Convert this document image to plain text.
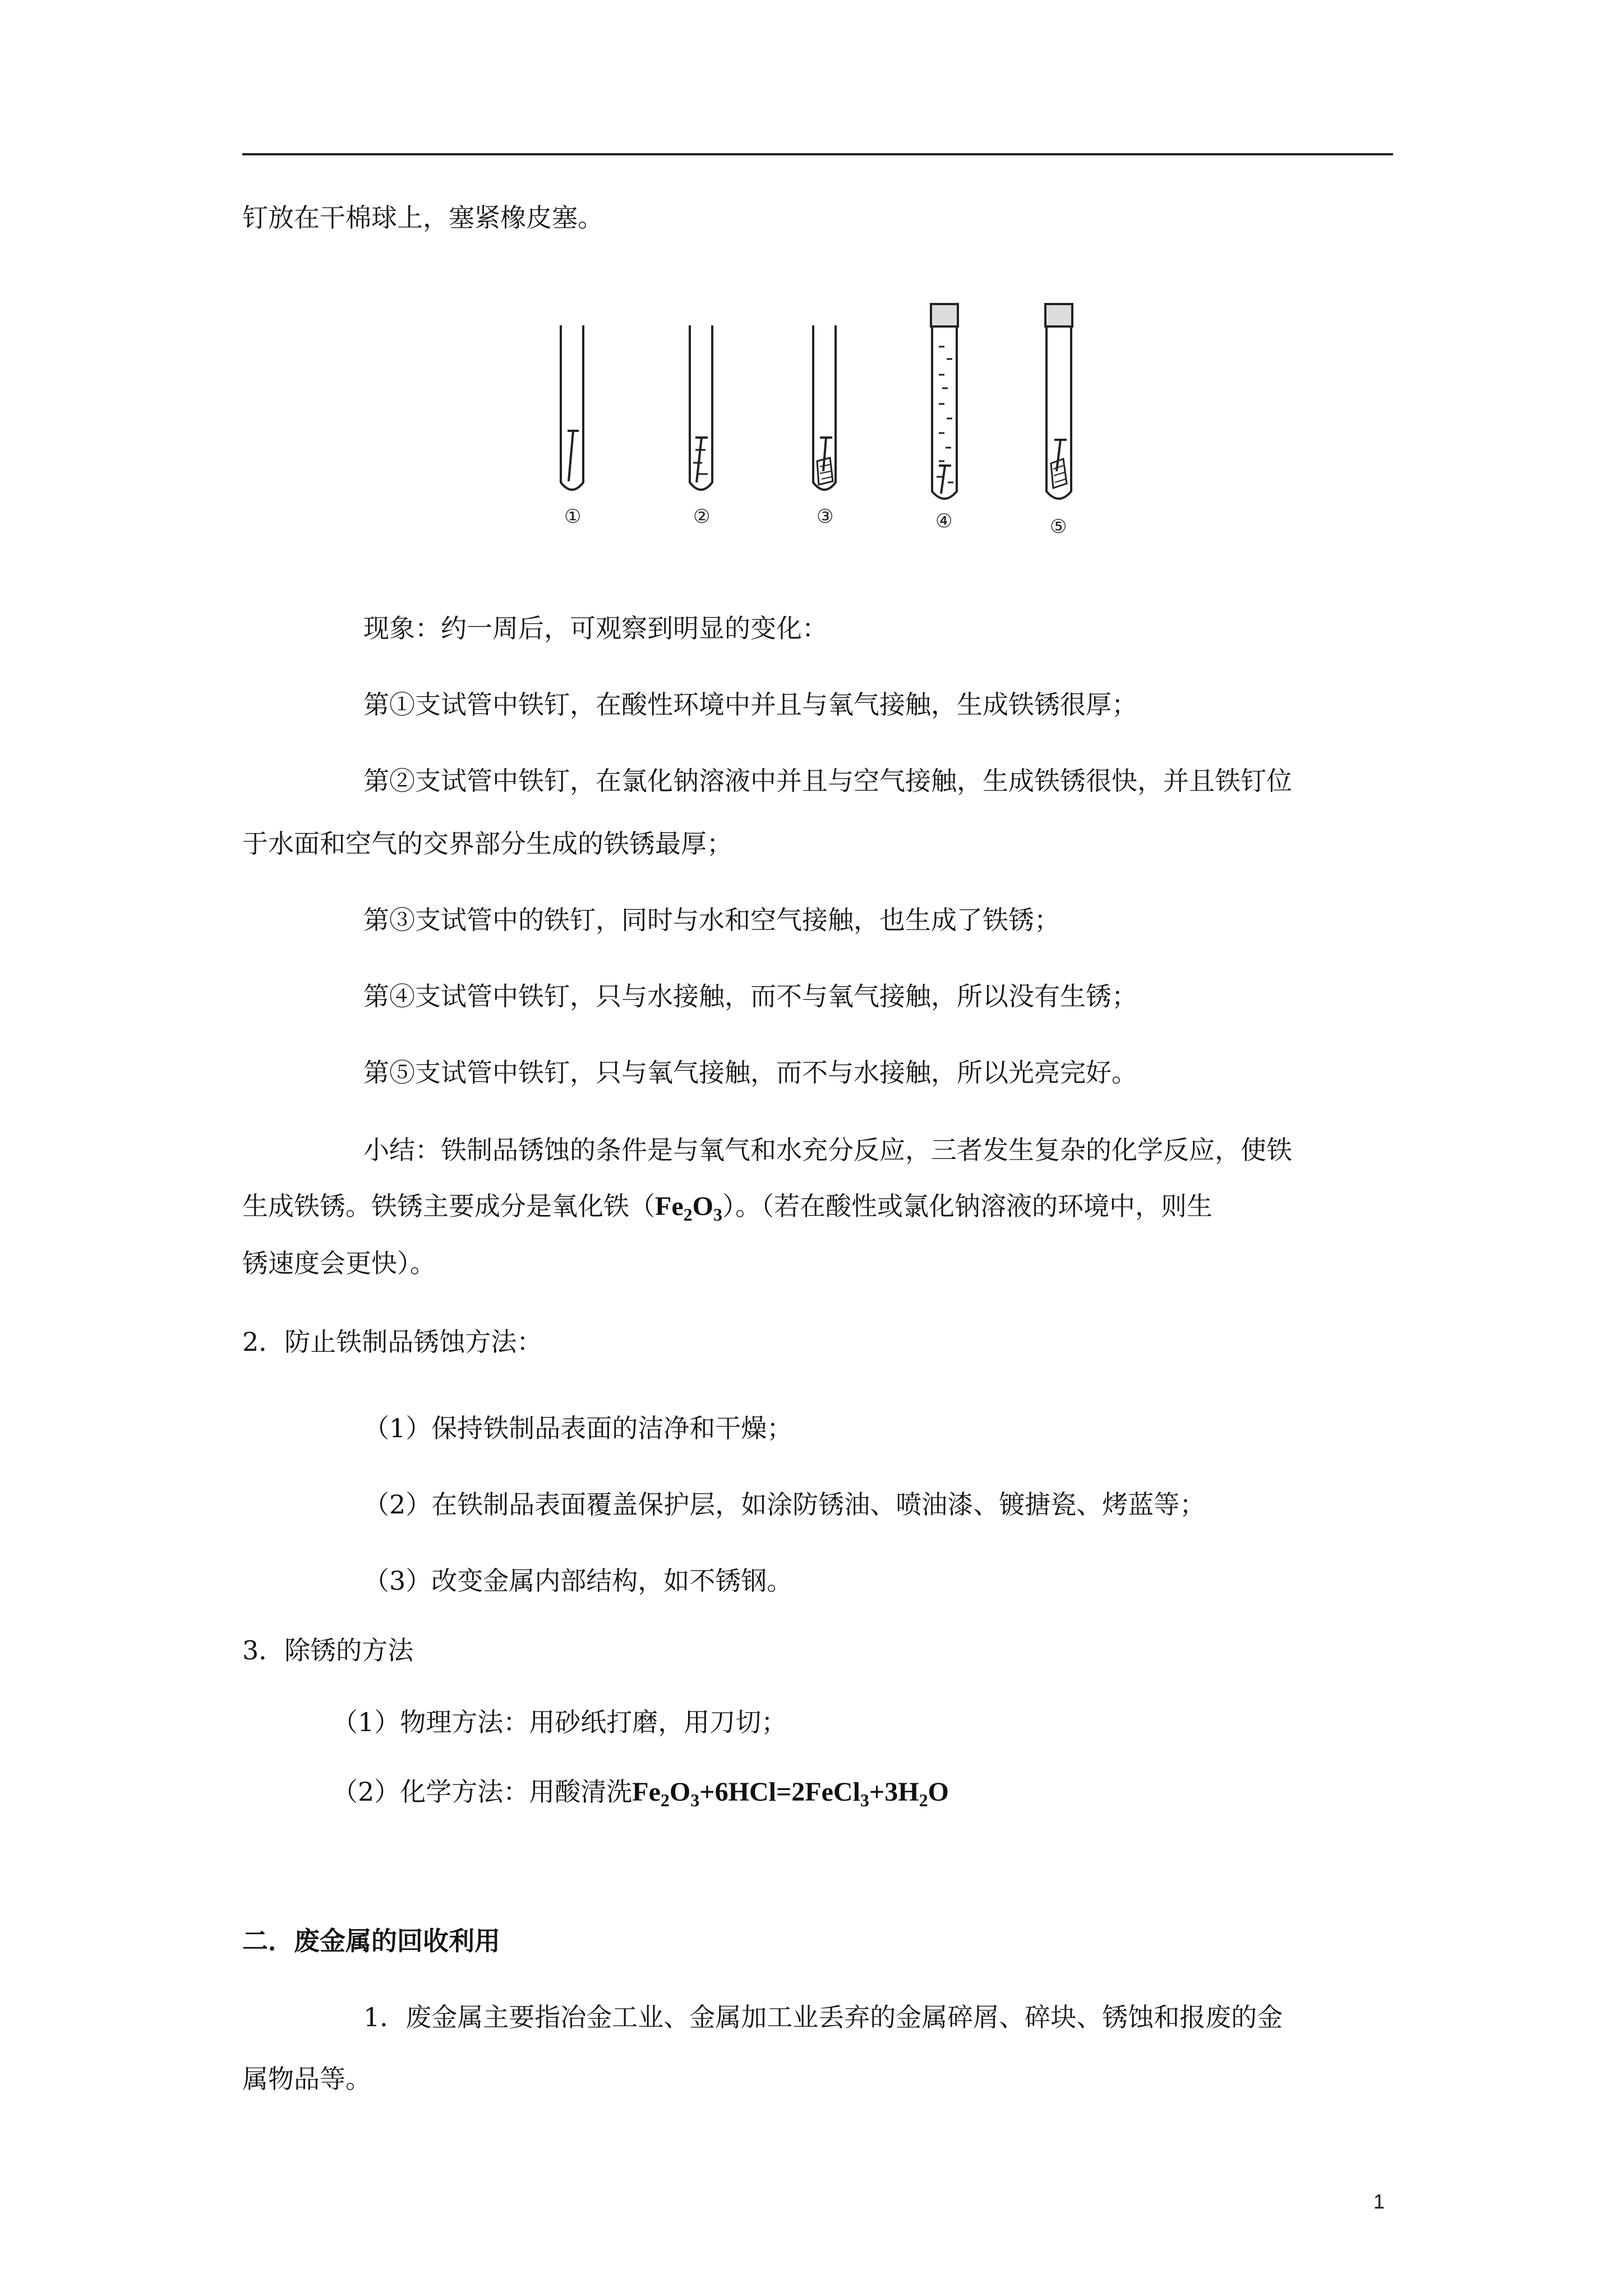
钉放在干棉球上，塞紧橡皮塞。
①	②	③	④	⑤
现象：约一周后，可观察到明显的变化：
第①支试管中铁钉，在酸性环境中并且与氧气接触，生成铁锈很厚；
第②支试管中铁钉，在氯化钠溶液中并且与空气接触，生成铁锈很快，并且铁钉位
于水面和空气的交界部分生成的铁锈最厚；
第③支试管中的铁钉，同时与水和空气接触，也生成了铁锈；
第④支试管中铁钉，只与水接触，而不与氧气接触，所以没有生锈；
第⑤支试管中铁钉，只与氧气接触，而不与水接触，所以光亮完好。
小结：铁制品锈蚀的条件是与氧气和水充分反应，三者发生复杂的化学反应，使铁
生成铁锈。铁锈主要成分是氧化铁$(Fe_2O_3)$。（若在酸性或氯化钠溶液的环境中，则生
锈速度会更快）。
2．防止铁制品锈蚀方法：
（1）保持铁制品表面的洁净和干燥；
（2）在铁制品表面覆盖保护层，如涂防锈油、喷油漆、镀搪瓷、烤蓝等；
（3）改变金属内部结构，如不锈钢。
3．除锈的方法
（1）物理方法：用砂纸打磨，用刀切；
（2）化学方法：用酸清洗$Fe_2O_3+6HCl=2FeCl_3+3H_2O$
二．废金属的回收利用
1．废金属主要指冶金工业、金属加工业丢弃的金属碎屑、碎块、锈蚀和报废的金
属物品等。
1
